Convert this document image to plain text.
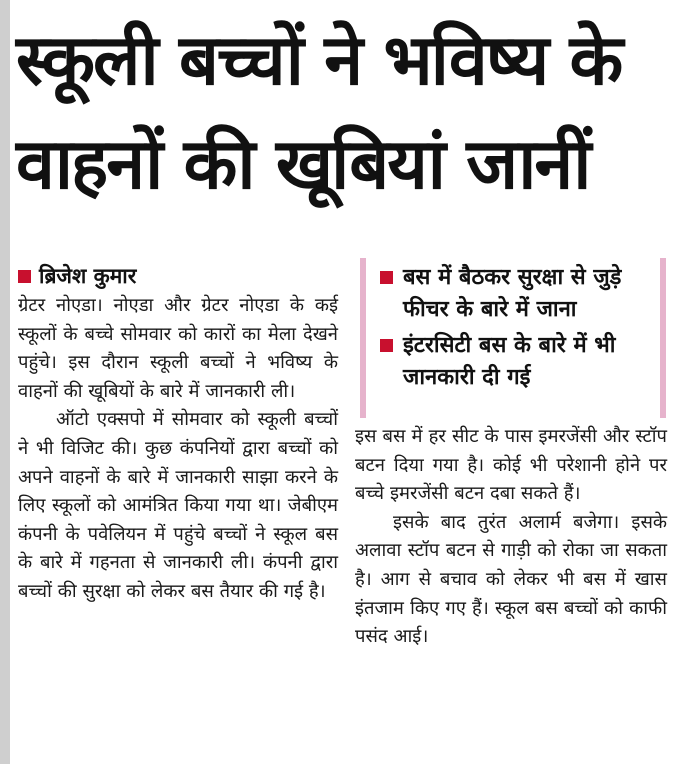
स्कूली बच्चों ने भविष्य के वाहनों की खूबियां जानीं
ब्रिजेश कुमार

ग्रेटर नोएडा। नोएडा और ग्रेटर नोएडा के कई स्कूलों के बच्चे सोमवार को कारों का मेला देखने पहुंचे। इस दौरान स्कूली बच्चों ने भविष्य के वाहनों की खूबियों के बारे में जानकारी ली।

ऑटो एक्सपो में सोमवार को स्कूली बच्चों ने भी विजिट की। कुछ कंपनियों द्वारा बच्चों को अपने वाहनों के बारे में जानकारी साझा करने के लिए स्कूलों को आमंत्रित किया गया था। जेबीएम कंपनी के पवेलियन में पहुंचे बच्चों ने स्कूल बस के बारे में गहनता से जानकारी ली। कंपनी द्वारा बच्चों की सुरक्षा को लेकर बस तैयार की गई है।

बस में बैठकर सुरक्षा से जुड़े फीचर के बारे में जाना
इंटरसिटी बस के बारे में भी जानकारी दी गई

इस बस में हर सीट के पास इमरजेंसी और स्टॉप बटन दिया गया है। कोई भी परेशानी होने पर बच्चे इमरजेंसी बटन दबा सकते हैं।

इसके बाद तुरंत अलार्म बजेगा। इसके अलावा स्टॉप बटन से गाड़ी को रोका जा सकता है। आग से बचाव को लेकर भी बस में खास इंतजाम किए गए हैं। स्कूल बस बच्चों को काफी पसंद आई।
